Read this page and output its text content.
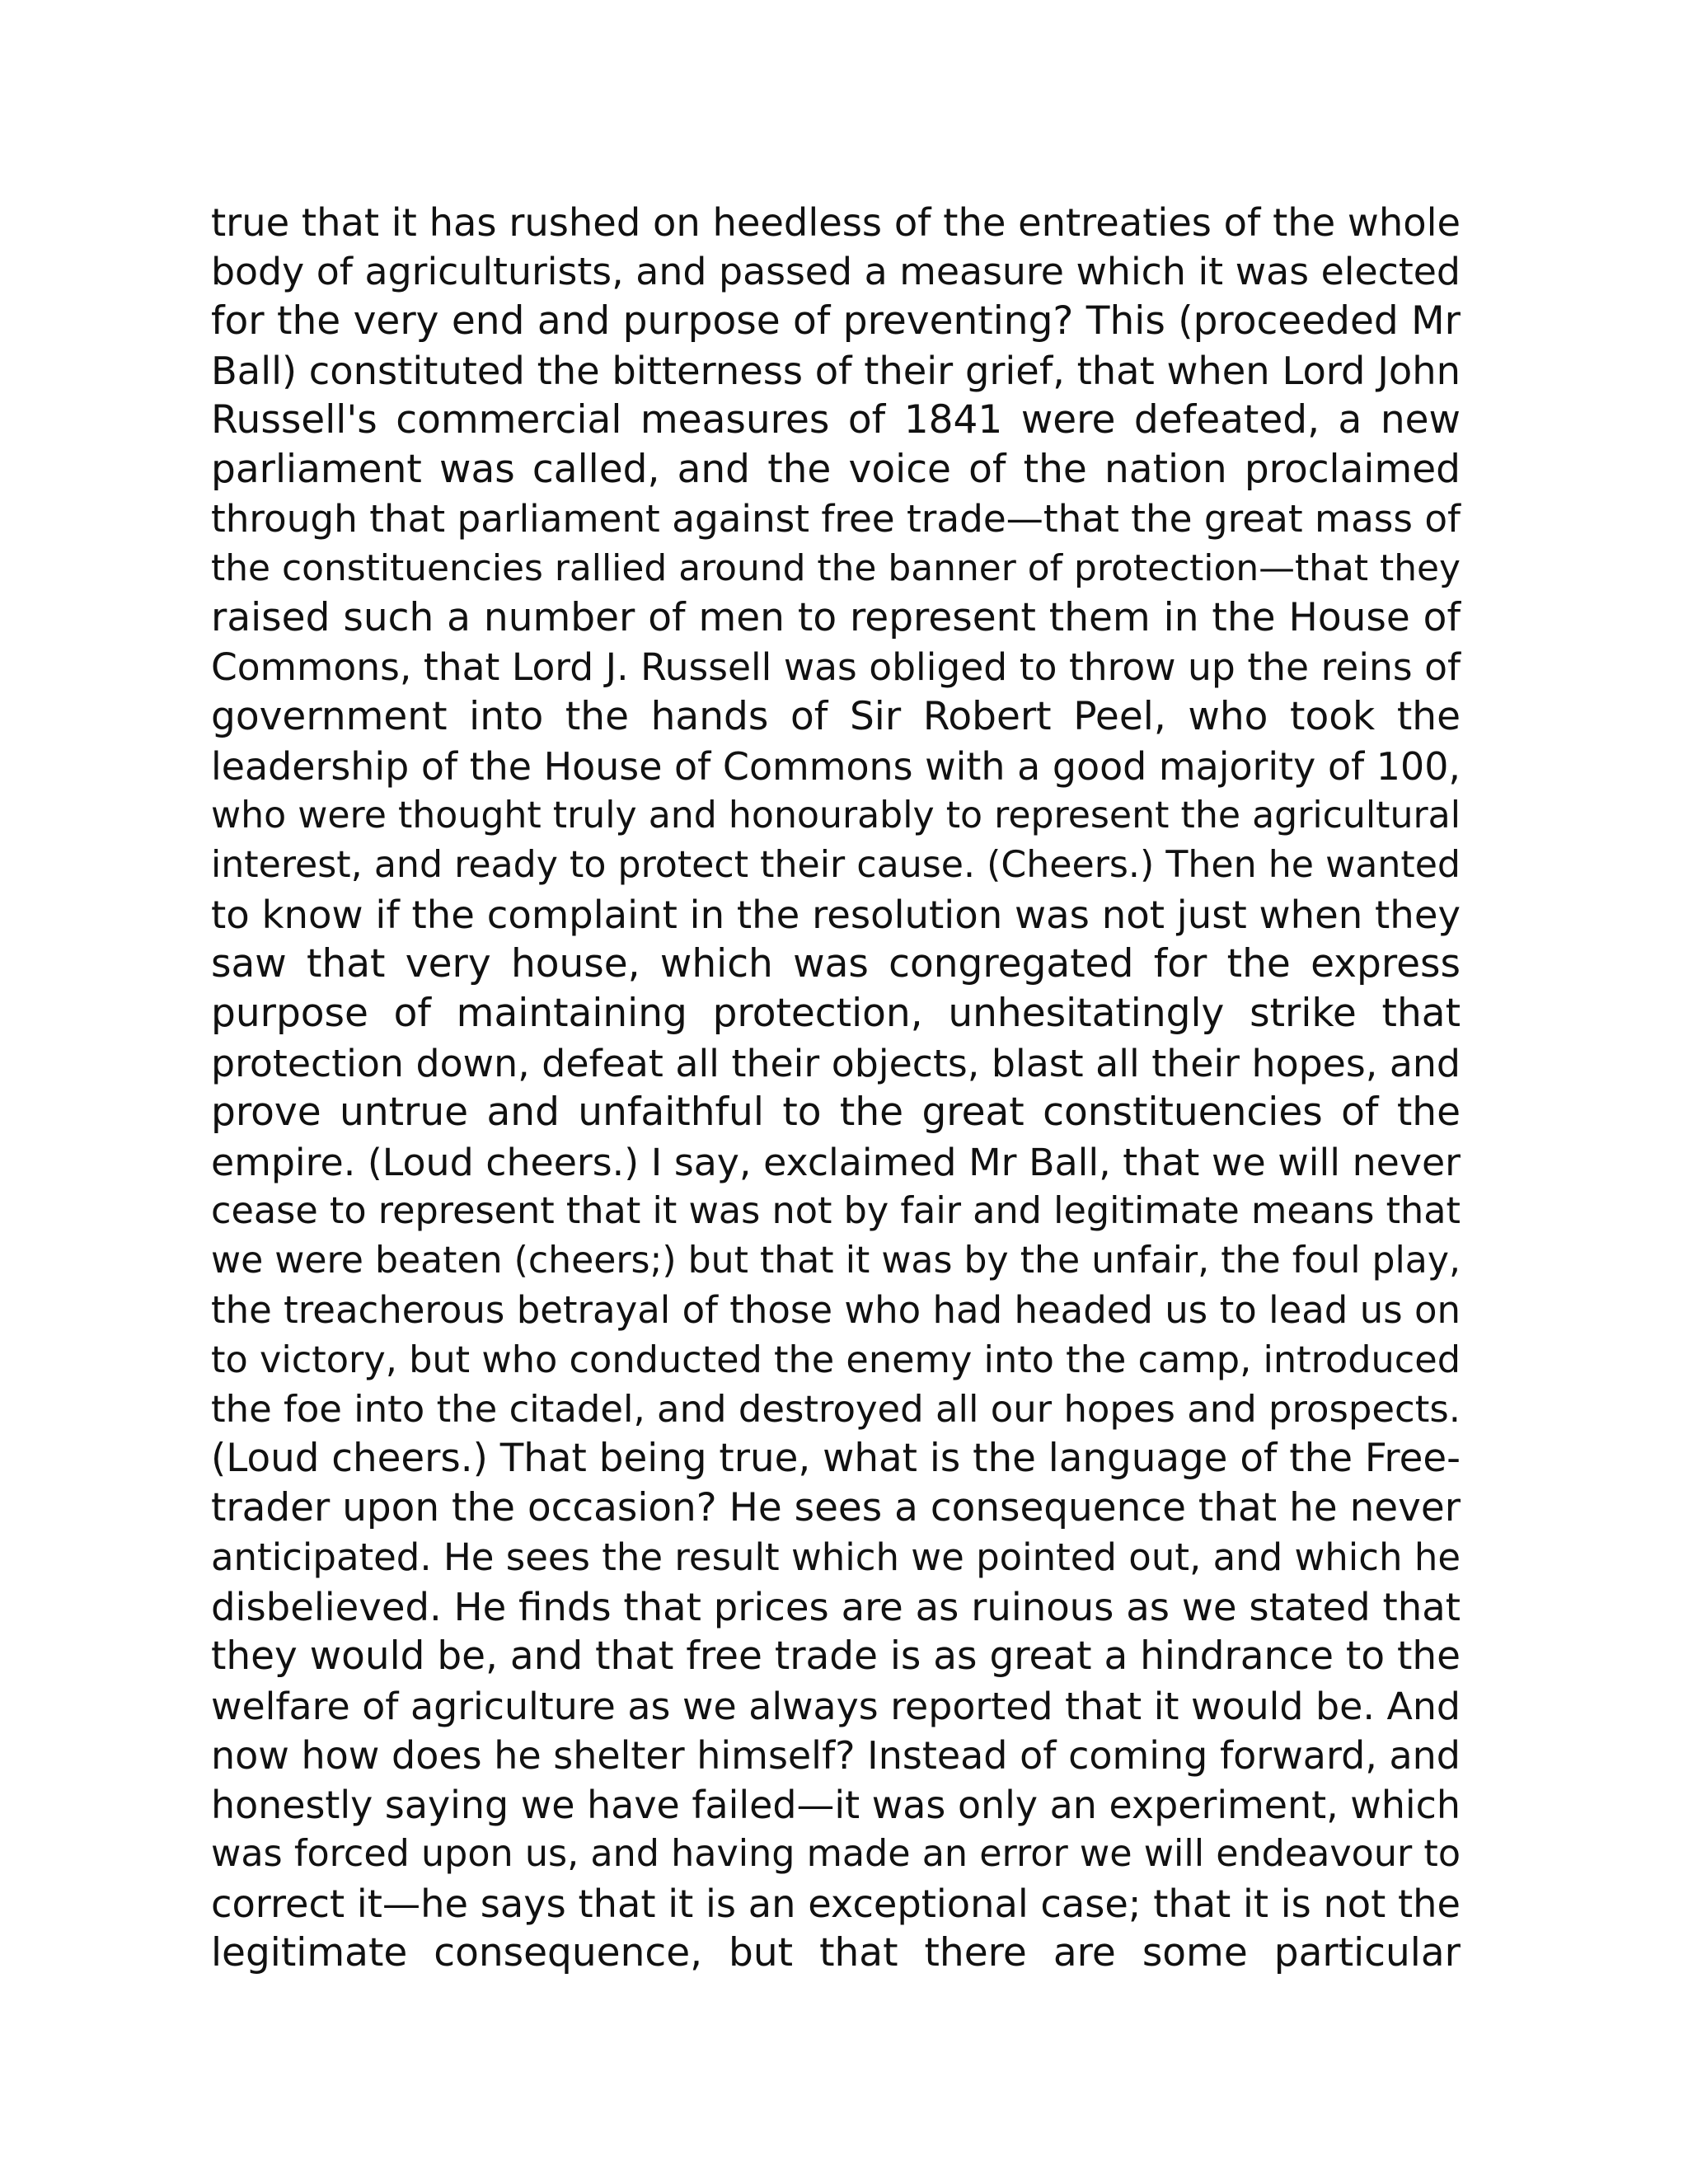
true that it has rushed on heedless of the entreaties of the whole
body of agriculturists, and passed a measure which it was elected
for the very end and purpose of preventing? This (proceeded Mr
Ball) constituted the bitterness of their grief, that when Lord John
Russell's commercial measures of 1841 were defeated, a new
parliament was called, and the voice of the nation proclaimed
through that parliament against free trade—that the great mass of
the constituencies rallied around the banner of protection—that they
raised such a number of men to represent them in the House of
Commons, that Lord J. Russell was obliged to throw up the reins of
government into the hands of Sir Robert Peel, who took the
leadership of the House of Commons with a good majority of 100,
who were thought truly and honourably to represent the agricultural
interest, and ready to protect their cause. (Cheers.) Then he wanted
to know if the complaint in the resolution was not just when they
saw that very house, which was congregated for the express
purpose of maintaining protection, unhesitatingly strike that
protection down, defeat all their objects, blast all their hopes, and
prove untrue and unfaithful to the great constituencies of the
empire. (Loud cheers.) I say, exclaimed Mr Ball, that we will never
cease to represent that it was not by fair and legitimate means that
we were beaten (cheers;) but that it was by the unfair, the foul play,
the treacherous betrayal of those who had headed us to lead us on
to victory, but who conducted the enemy into the camp, introduced
the foe into the citadel, and destroyed all our hopes and prospects.
(Loud cheers.) That being true, what is the language of the Free-
trader upon the occasion? He sees a consequence that he never
anticipated. He sees the result which we pointed out, and which he
disbelieved. He finds that prices are as ruinous as we stated that
they would be, and that free trade is as great a hindrance to the
welfare of agriculture as we always reported that it would be. And
now how does he shelter himself? Instead of coming forward, and
honestly saying we have failed—it was only an experiment, which
was forced upon us, and having made an error we will endeavour to
correct it—he says that it is an exceptional case; that it is not the
legitimate consequence, but that there are some particular
